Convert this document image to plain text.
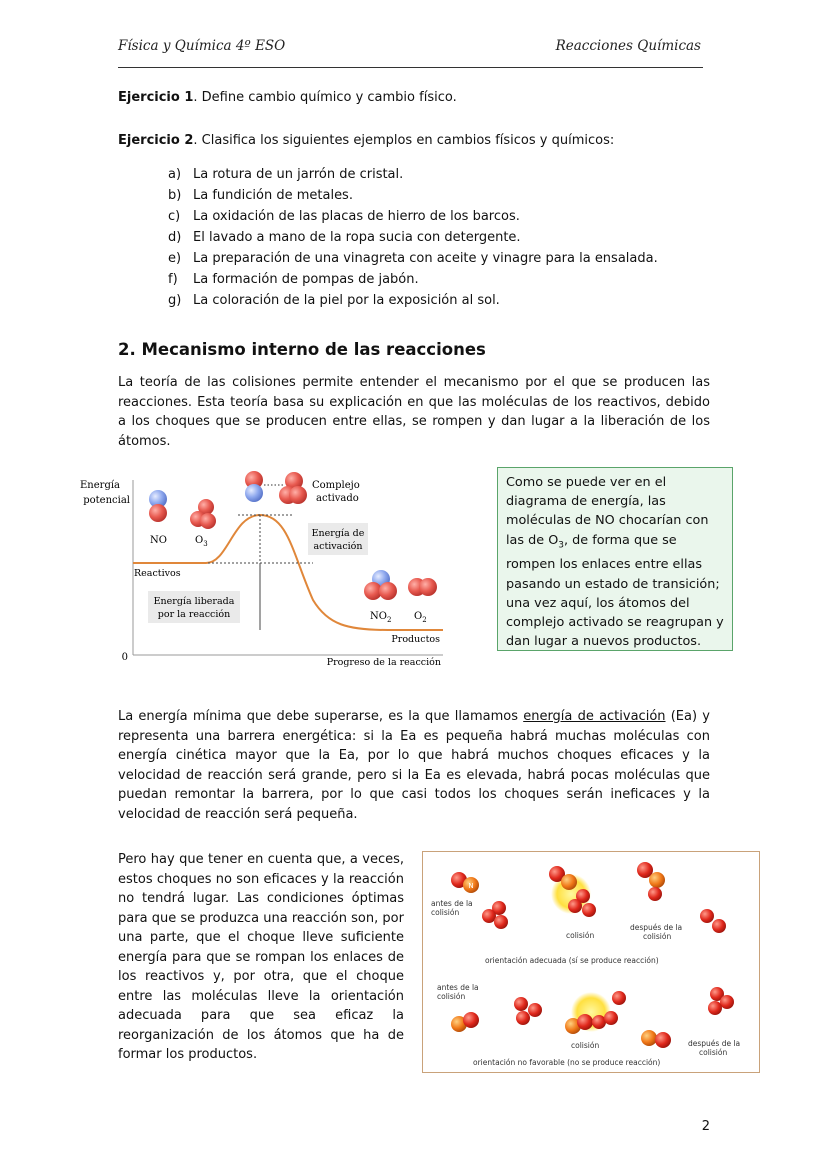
Física y Química 4º ESO	Reacciones Químicas
Ejercicio 1. Define cambio químico y cambio físico.
Ejercicio 2. Clasifica los siguientes ejemplos en cambios físicos y químicos:
a) La rotura de un jarrón de cristal.
b) La fundición de metales.
c) La oxidación de las placas de hierro de los barcos.
d) El lavado a mano de la ropa sucia con detergente.
e) La preparación de una vinagreta con aceite y vinagre para la ensalada.
f)	La formación de pompas de jabón.
g) La coloración de la piel por la exposición al sol.
2. Mecanismo interno de las reacciones
La teoría de las colisiones permite entender el mecanismo por el que se producen las reacciones. Esta teoría basa su explicación en que las moléculas de los reactivos, debido a los choques que se producen entre ellas, se rompen y dan lugar a la liberación de los átomos.
Energía
potencial
0
Energía de
activación
Energía liberada
por la reacción
Reactivos
Productos
Progreso de la reacción
Complejo
activado
NO	$O_3$
$NO_2$ $O_2$
Como se puede ver en el diagrama de energía, las moléculas de NO chocarían con las de $O_3$, de forma que se rompen los enlaces entre ellas pasando un estado de transición; una vez aquí, los átomos del complejo activado se reagrupan y dan lugar a nuevos productos.
La energía mínima que debe superarse, es la que llamamos energía de activación (Ea) y representa una barrera energética: si la Ea es pequeña habrá muchas moléculas con energía cinética mayor que la Ea, por lo que habrá muchos choques eficaces y la velocidad de reacción será grande, pero si la Ea es elevada, habrá pocas moléculas que puedan remontar la barrera, por lo que casi todos los choques serán ineficaces y la velocidad de reacción será pequeña.
Pero hay que tener en cuenta que, a veces, estos choques no son eficaces y la reacción no tendrá lugar. Las condiciones óptimas para que se produzca una reacción son, por una parte, que el choque lleve suficiente energía para que se rompan los enlaces de los reactivos y, por otra, que el choque entre las moléculas lleve la orientación adecuada para que sea eficaz la reorganización de los átomos que ha de formar los productos.
N
antes de la
colisión
colisión
después de la
colisión
orientación adecuada (sí se produce reacción)
antes de la
colisión
colisión	después de la
colisión
orientación no favorable (no se produce reacción)
2
